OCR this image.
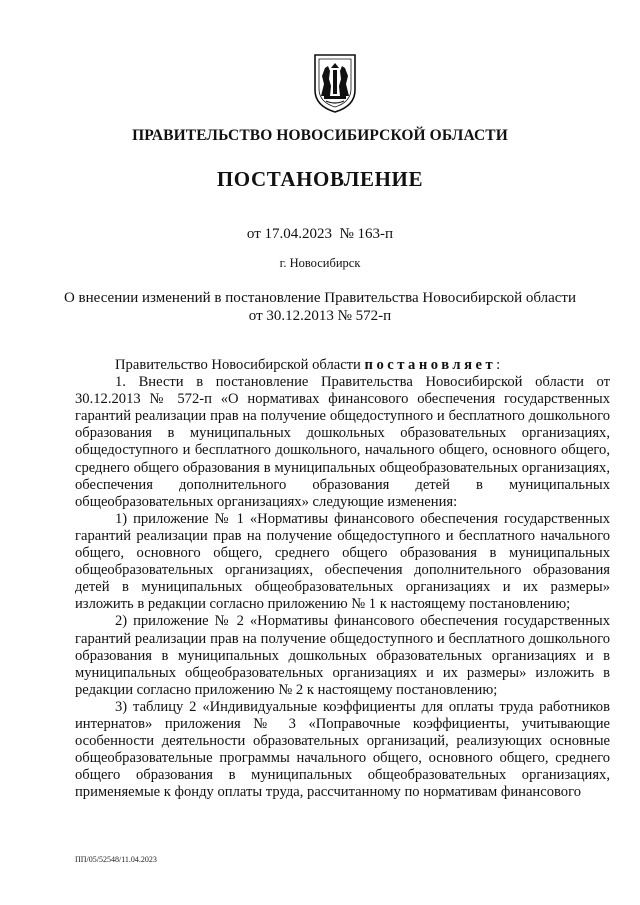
ПРАВИТЕЛЬСТВО НОВОСИБИРСКОЙ ОБЛАСТИ
ПОСТАНОВЛЕНИЕ
от 17.04.2023  № 163-п
г. Новосибирск
О внесении изменений в постановление Правительства Новосибирской области
от 30.12.2013 № 572-п

Правительство Новосибирской области постановляет:

1. Внести в постановление Правительства Новосибирской области от 30.12.2013 № 572-п «О нормативах финансового обеспечения государственных гарантий реализации прав на получение общедоступного и бесплатного дошкольного образования в муниципальных дошкольных образовательных организациях, общедоступного и бесплатного дошкольного, начального общего, основного общего, среднего общего образования в муниципальных общеобразовательных организациях, обеспечения дополнительного образования детей в муниципальных общеобразовательных организациях» следующие изменения:

1) приложение № 1 «Нормативы финансового обеспечения государственных гарантий реализации прав на получение общедоступного и бесплатного начального общего, основного общего, среднего общего образования в муниципальных общеобразовательных организациях, обеспечения дополнительного образования детей в муниципальных общеобразовательных организациях и их размеры» изложить в редакции согласно приложению № 1 к настоящему постановлению;

2) приложение № 2 «Нормативы финансового обеспечения государственных гарантий реализации прав на получение общедоступного и бесплатного дошкольного образования в муниципальных дошкольных образовательных организациях и в муниципальных общеобразовательных организациях и их размеры» изложить в редакции согласно приложению № 2 к настоящему постановлению;

3) таблицу 2 «Индивидуальные коэффициенты для оплаты труда работников интернатов» приложения № 3 «Поправочные коэффициенты, учитывающие особенности деятельности образовательных организаций, реализующих основные общеобразовательные программы начального общего, основного общего, среднего общего образования в муниципальных общеобразовательных организациях, применяемые к фонду оплаты труда, рассчитанному по нормативам финансового

ПП/05/52548/11.04.2023
